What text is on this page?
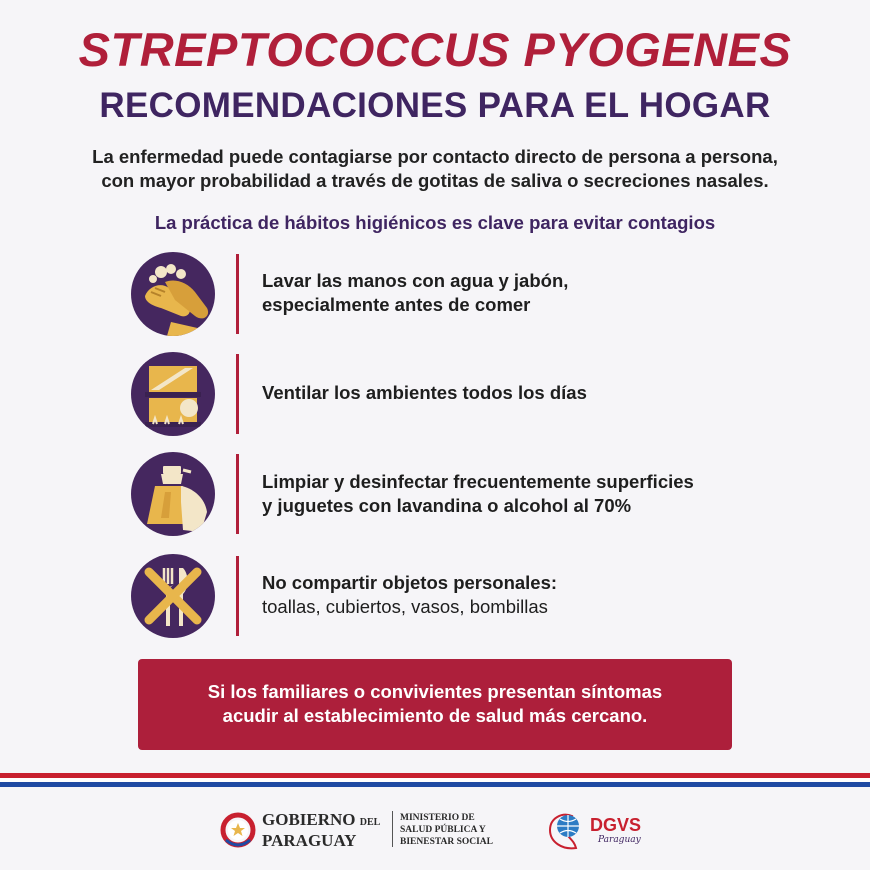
STREPTOCOCCUS PYOGENES
RECOMENDACIONES PARA EL HOGAR
La enfermedad puede contagiarse por contacto directo de persona a persona,
con mayor probabilidad a través de gotitas de saliva o secreciones nasales.
La práctica de hábitos higiénicos es clave para evitar contagios
Lavar las manos con agua y jabón,
especialmente antes de comer
Ventilar los ambientes todos los días
Limpiar y desinfectar frecuentemente superficies
y juguetes con lavandina o alcohol al 70%
No compartir objetos personales:
toallas, cubiertos, vasos, bombillas
Si los familiares o convivientes presentan síntomas
acudir al establecimiento de salud más cercano.
GOBIERNO DEL
PARAGUAY
MINISTERIO DE
SALUD PÚBLICA Y
BIENESTAR SOCIAL
DGVS
Paraguay
